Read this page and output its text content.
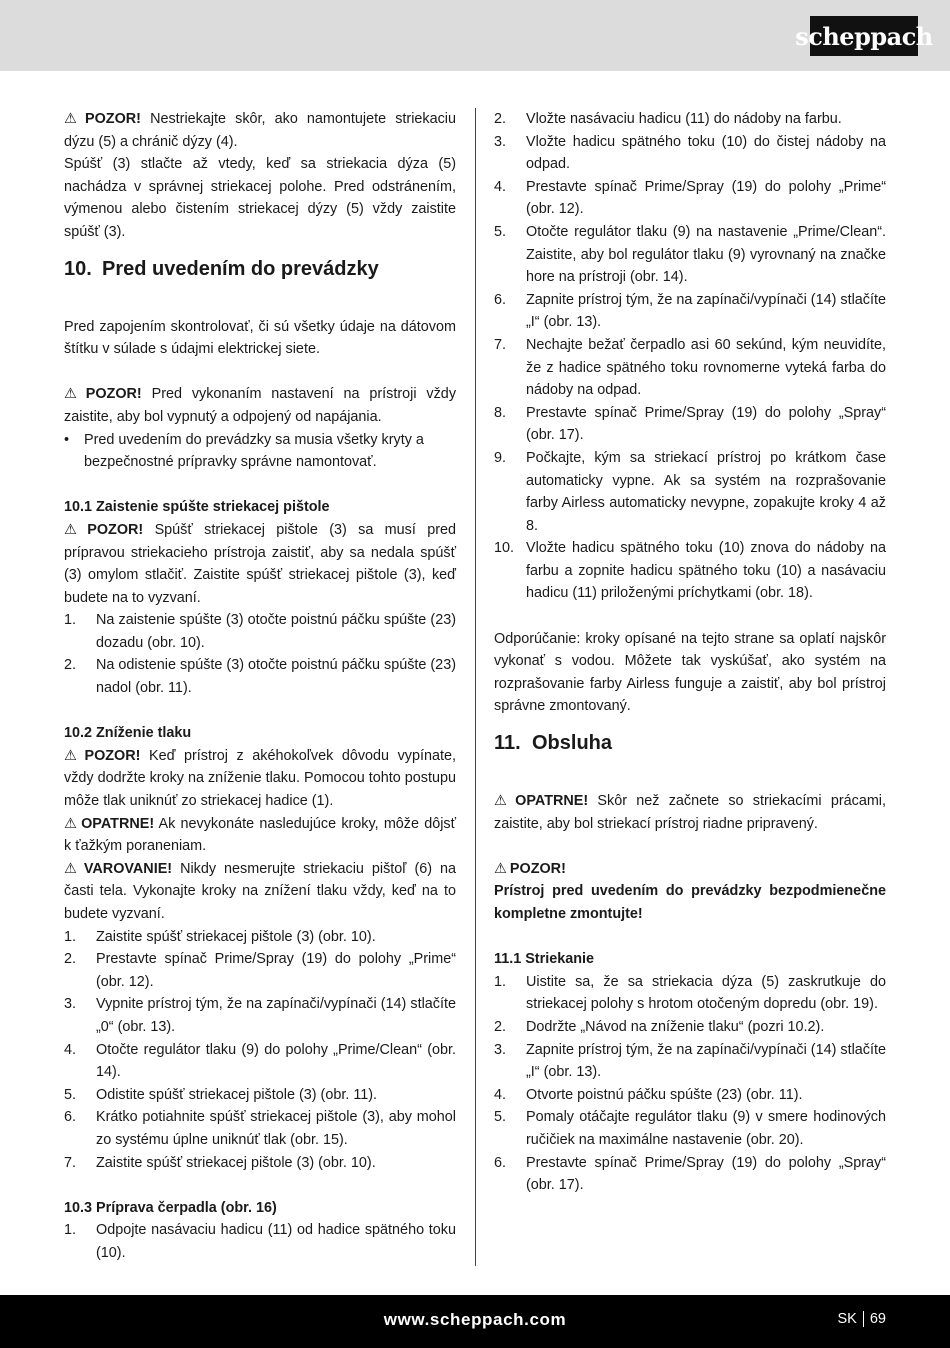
scheppach

⚠ POZOR! Nestriekajte skôr, ako namontujete striekaciu dýzu (5) a chránič dýzy (4).

Spúšť (3) stlačte až vtedy, keď sa striekacia dýza (5) nachádza v správnej striekacej polohe. Pred odstránením, výmenou alebo čistením striekacej dýzy (5) vždy zaistite spúšť (3).

10. Pred uvedením do prevádzky

Pred zapojením skontrolovať, či sú všetky údaje na dátovom štítku v súlade s údajmi elektrickej siete.

⚠ POZOR! Pred vykonaním nastavení na prístroji vždy zaistite, aby bol vypnutý a odpojený od napájania.

•	Pred uvedením do prevádzky sa musia všetky kryty a bezpečnostné prípravky správne namontovať.

10.1 Zaistenie spúšte striekacej pištole

⚠ POZOR! Spúšť striekacej pištole (3) sa musí pred prípravou striekacieho prístroja zaistiť, aby sa nedala spúšť (3) omylom stlačiť. Zaistite spúšť striekacej pištole (3), keď budete na to vyzvaní.

1.	Na zaistenie spúšte (3) otočte poistnú páčku spúšte (23) dozadu (obr. 10).
2.	Na odistenie spúšte (3) otočte poistnú páčku spúšte (23) nadol (obr. 11).

10.2 Zníženie tlaku

⚠ POZOR! Keď prístroj z akéhokoľvek dôvodu vypínate, vždy dodržte kroky na zníženie tlaku. Pomocou tohto postupu môže tlak uniknúť zo striekacej hadice (1).

⚠ OPATRNE! Ak nevykonáte nasledujúce kroky, môže dôjsť k ťažkým poraneniam.

⚠ VAROVANIE! Nikdy nesmerujte striekaciu pištoľ (6) na časti tela. Vykonajte kroky na znížení tlaku vždy, keď na to budete vyzvaní.

1.	Zaistite spúšť striekacej pištole (3) (obr. 10).
2.	Prestavte spínač Prime/Spray (19) do polohy „Prime“ (obr. 12).
3.	Vypnite prístroj tým, že na zapínači/vypínači (14) stlačíte „0“ (obr. 13).
4.	Otočte regulátor tlaku (9) do polohy „Prime/Clean“ (obr. 14).
5.	Odistite spúšť striekacej pištole (3) (obr. 11).
6.	Krátko potiahnite spúšť striekacej pištole (3), aby mohol zo systému úplne uniknúť tlak (obr. 15).
7.	Zaistite spúšť striekacej pištole (3) (obr. 10).

10.3 Príprava čerpadla (obr. 16)

1.	Odpojte nasávaciu hadicu (11) od hadice spätného toku (10).
2.	Vložte nasávaciu hadicu (11) do nádoby na farbu.
3.	Vložte hadicu spätného toku (10) do čistej nádoby na odpad.
4.	Prestavte spínač Prime/Spray (19) do polohy „Prime“ (obr. 12).
5.	Otočte regulátor tlaku (9) na nastavenie „Prime/Clean“. Zaistite, aby bol regulátor tlaku (9) vyrovnaný na značke hore na prístroji (obr. 14).
6.	Zapnite prístroj tým, že na zapínači/vypínači (14) stlačíte „I“ (obr. 13).
7.	Nechajte bežať čerpadlo asi 60 sekúnd, kým neuvidíte, že z hadice spätného toku rovnomerne vyteká farba do nádoby na odpad.
8.	Prestavte spínač Prime/Spray (19) do polohy „Spray“ (obr. 17).
9.	Počkajte, kým sa striekací prístroj po krátkom čase automaticky vypne. Ak sa systém na rozprašovanie farby Airless automaticky nevypne, zopakujte kroky 4 až 8.
10. Vložte hadicu spätného toku (10) znova do nádoby na farbu a zopnite hadicu spätného toku (10) a nasávaciu hadicu (11) priloženými príchytkami (obr. 18).

Odporúčanie: kroky opísané na tejto strane sa oplatí najskôr vykonať s vodou. Môžete tak vyskúšať, ako systém na rozprašovanie farby Airless funguje a zaistiť, aby bol prístroj správne zmontovaný.

11. Obsluha

⚠ OPATRNE! Skôr než začnete so striekacími prácami, zaistite, aby bol striekací prístroj riadne pripravený.

⚠ POZOR!

Prístroj pred uvedením do prevádzky bezpodmienečne kompletne zmontujte!

11.1 Striekanie

1.	Uistite sa, že sa striekacia dýza (5) zaskrutkuje do striekacej polohy s hrotom otočeným dopredu (obr. 19).
2.	Dodržte „Návod na zníženie tlaku“ (pozri 10.2).
3.	Zapnite prístroj tým, že na zapínači/vypínači (14) stlačíte „I“ (obr. 13).
4.	Otvorte poistnú páčku spúšte (23) (obr. 11).
5.	Pomaly otáčajte regulátor tlaku (9) v smere hodinových ručičiek na maximálne nastavenie (obr. 20).
6.	Prestavte spínač Prime/Spray (19) do polohy „Spray“ (obr. 17).
www.scheppach.com	SK 69
